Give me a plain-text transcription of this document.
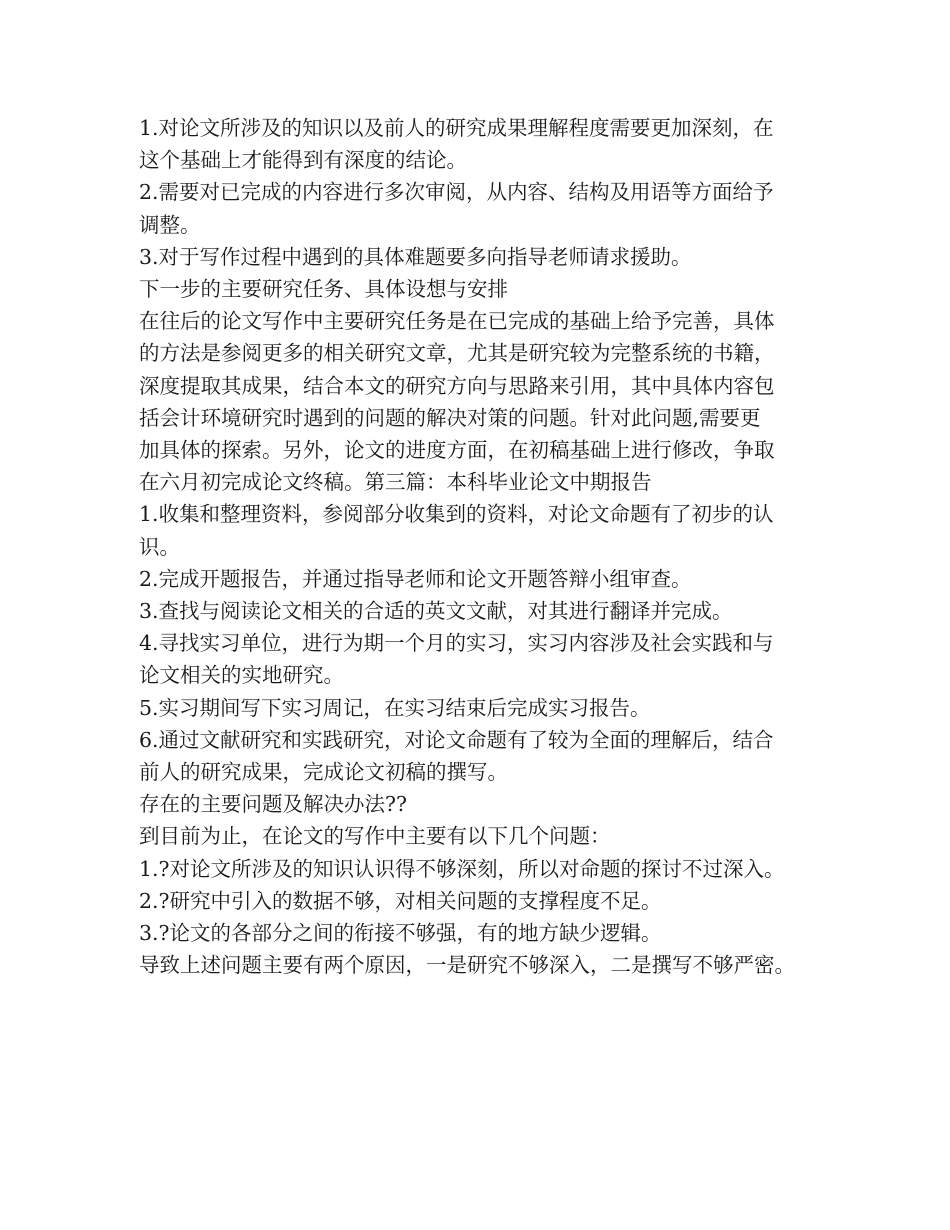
1.对论文所涉及的知识以及前人的研究成果理解程度需要更加深刻，在

这个基础上才能得到有深度的结论。

2.需要对已完成的内容进行多次审阅，从内容、结构及用语等方面给予

调整。

3.对于写作过程中遇到的具体难题要多向指导老师请求援助。

下一步的主要研究任务、具体设想与安排

在往后的论文写作中主要研究任务是在已完成的基础上给予完善，具体

的方法是参阅更多的相关研究文章，尤其是研究较为完整系统的书籍，

深度提取其成果，结合本文的研究方向与思路来引用，其中具体内容包

括会计环境研究时遇到的问题的解决对策的问题。针对此问题,需要更

加具体的探索。另外，论文的进度方面，在初稿基础上进行修改，争取

在六月初完成论文终稿。第三篇：本科毕业论文中期报告

1.收集和整理资料，参阅部分收集到的资料，对论文命题有了初步的认

识。

2.完成开题报告，并通过指导老师和论文开题答辩小组审查。

3.查找与阅读论文相关的合适的英文文献，对其进行翻译并完成。

4.寻找实习单位，进行为期一个月的实习，实习内容涉及社会实践和与

论文相关的实地研究。

5.实习期间写下实习周记，在实习结束后完成实习报告。

6.通过文献研究和实践研究，对论文命题有了较为全面的理解后，结合

前人的研究成果，完成论文初稿的撰写。

存在的主要问题及解决办法??

到目前为止，在论文的写作中主要有以下几个问题：

1.?对论文所涉及的知识认识得不够深刻，所以对命题的探讨不过深入。

2.?研究中引入的数据不够，对相关问题的支撑程度不足。

3.?论文的各部分之间的衔接不够强，有的地方缺少逻辑。

导致上述问题主要有两个原因，一是研究不够深入，二是撰写不够严密。
